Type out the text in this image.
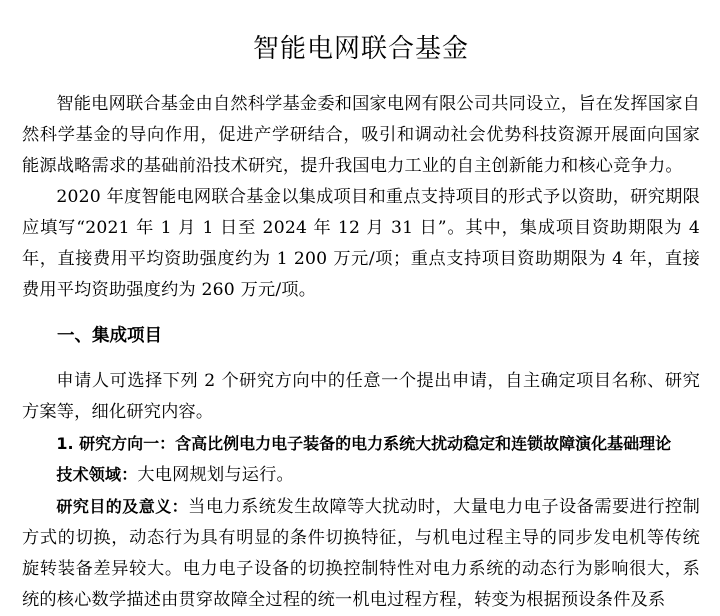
智能电网联合基金

智能电网联合基金由自然科学基金委和国家电网有限公司共同设立，旨在发挥国家自然科学基金的导向作用，促进产学研结合，吸引和调动社会优势科技资源开展面向国家能源战略需求的基础前沿技术研究，提升我国电力工业的自主创新能力和核心竞争力。

2020 年度智能电网联合基金以集成项目和重点支持项目的形式予以资助，研究期限应填写“2021 年 1 月 1 日至 2024 年 12 月 31 日”。其中，集成项目资助期限为 4 年，直接费用平均资助强度约为 1 200 万元/项；重点支持项目资助期限为 4 年，直接费用平均资助强度约为 260 万元/项。

一、集成项目

申请人可选择下列 2 个研究方向中的任意一个提出申请，自主确定项目名称、研究方案等，细化研究内容。

1. 研究方向一：含高比例电力电子装备的电力系统大扰动稳定和连锁故障演化基础理论

技术领域：大电网规划与运行。

研究目的及意义：当电力系统发生故障等大扰动时，大量电力电子设备需要进行控制方式的切换，动态行为具有明显的条件切换特征，与机电过程主导的同步发电机等传统旋转装备差异较大。电力电子设备的切换控制特性对电力系统的动态行为影响很大，系统的核心数学描述由贯穿故障全过程的统一机电过程方程，转变为根据预设条件及系
